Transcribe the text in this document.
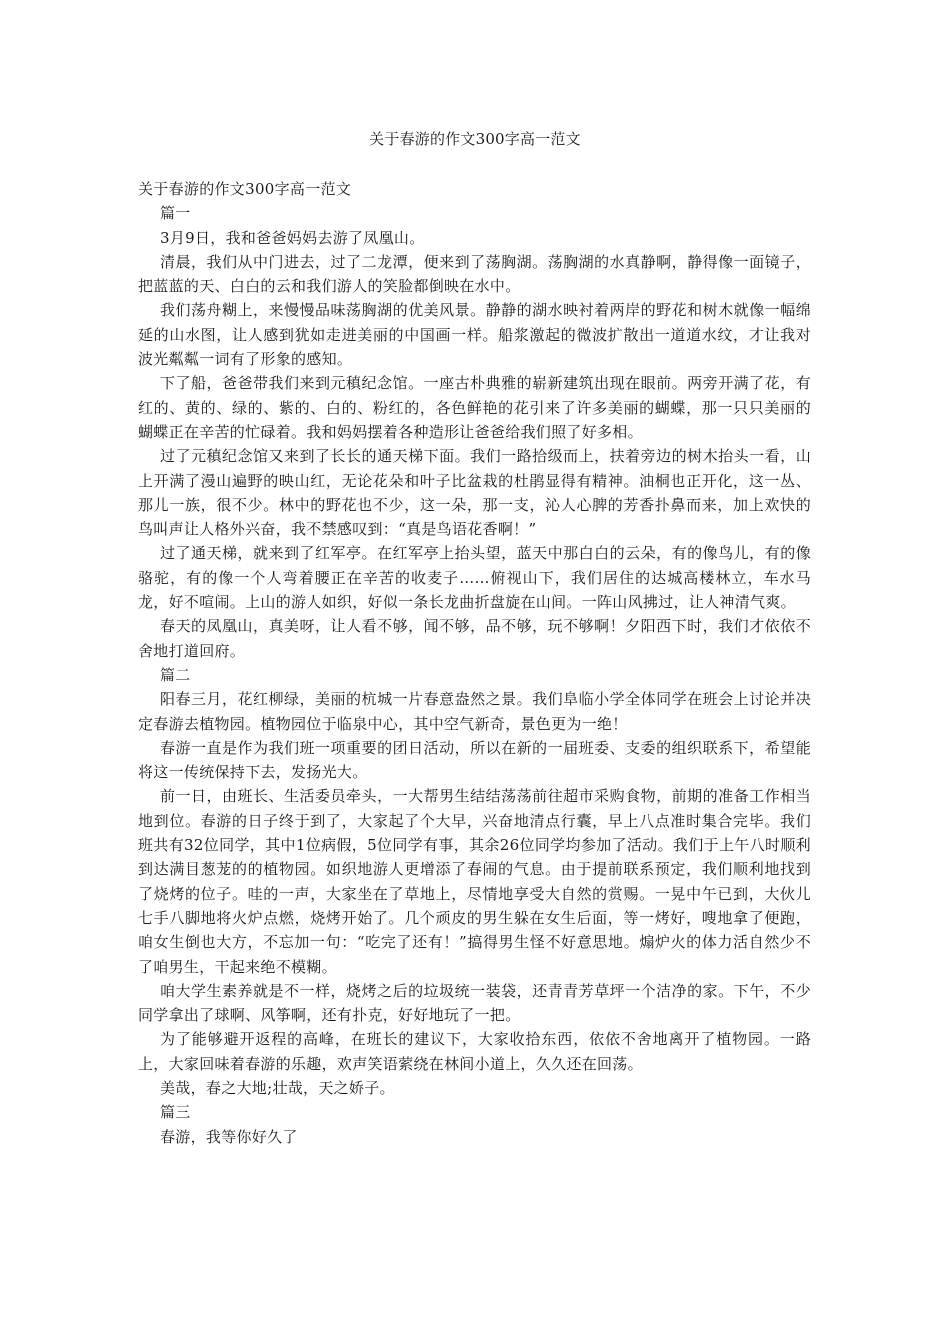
关于春游的作文300字高一范文

关于春游的作文300字高一范文

篇一

3月9日，我和爸爸妈妈去游了凤凰山。

清晨，我们从中门进去，过了二龙潭，便来到了荡胸湖。荡胸湖的水真静啊，静得像一面镜子，把蓝蓝的天、白白的云和我们游人的笑脸都倒映在水中。

我们荡舟糊上，来慢慢品味荡胸湖的优美风景。静静的湖水映衬着两岸的野花和树木就像一幅绵延的山水图，让人感到犹如走进美丽的中国画一样。船浆激起的微波扩散出一道道水纹，才让我对波光粼粼一词有了形象的感知。

下了船，爸爸带我们来到元稹纪念馆。一座古朴典雅的崭新建筑出现在眼前。两旁开满了花，有红的、黄的、绿的、紫的、白的、粉红的，各色鲜艳的花引来了许多美丽的蝴蝶，那一只只美丽的蝴蝶正在辛苦的忙碌着。我和妈妈摆着各种造形让爸爸给我们照了好多相。

过了元稹纪念馆又来到了长长的通天梯下面。我们一路拾级而上，扶着旁边的树木抬头一看，山上开满了漫山遍野的映山红，无论花朵和叶子比盆栽的杜鹃显得有精神。油桐也正开化，这一丛、那儿一族，很不少。林中的野花也不少，这一朵，那一支，沁人心脾的芳香扑鼻而来，加上欢快的鸟叫声让人格外兴奋，我不禁感叹到：“真是鸟语花香啊！”

过了通天梯，就来到了红军亭。在红军亭上抬头望，蓝天中那白白的云朵，有的像鸟儿，有的像骆驼，有的像一个人弯着腰正在辛苦的收麦子……俯视山下，我们居住的达城高楼林立，车水马龙，好不喧闹。上山的游人如织，好似一条长龙曲折盘旋在山间。一阵山风拂过，让人神清气爽。

春天的凤凰山，真美呀，让人看不够，闻不够，品不够，玩不够啊！夕阳西下时，我们才依依不舍地打道回府。

篇二

阳春三月，花红柳绿，美丽的杭城一片春意盎然之景。我们阜临小学全体同学在班会上讨论并决定春游去植物园。植物园位于临泉中心，其中空气新奇，景色更为一绝！

春游一直是作为我们班一项重要的团日活动，所以在新的一届班委、支委的组织联系下，希望能将这一传统保持下去，发扬光大。

前一日，由班长、生活委员牵头，一大帮男生结结荡荡前往超市采购食物，前期的准备工作相当地到位。春游的日子终于到了，大家起了个大早，兴奋地清点行囊，早上八点准时集合完毕。我们班共有32位同学，其中1位病假，5位同学有事，其余26位同学均参加了活动。我们于上午八时顺利到达满目葱茏的的植物园。如织地游人更增添了春闹的气息。由于提前联系预定，我们顺利地找到了烧烤的位子。哇的一声，大家坐在了草地上，尽情地享受大自然的赏赐。一晃中午已到，大伙儿七手八脚地将火炉点燃，烧烤开始了。几个顽皮的男生躲在女生后面，等一烤好，嗖地拿了便跑，咱女生倒也大方，不忘加一句：“吃完了还有！”搞得男生怪不好意思地。煽炉火的体力活自然少不了咱男生，干起来绝不模糊。

咱大学生素养就是不一样，烧烤之后的垃圾统一装袋，还青青芳草坪一个洁净的家。下午，不少同学拿出了球啊、风筝啊，还有扑克，好好地玩了一把。

为了能够避开返程的高峰，在班长的建议下，大家收拾东西，依依不舍地离开了植物园。一路上，大家回味着春游的乐趣，欢声笑语萦绕在林间小道上，久久还在回荡。

美哉，春之大地;壮哉，天之娇子。

篇三

春游，我等你好久了
